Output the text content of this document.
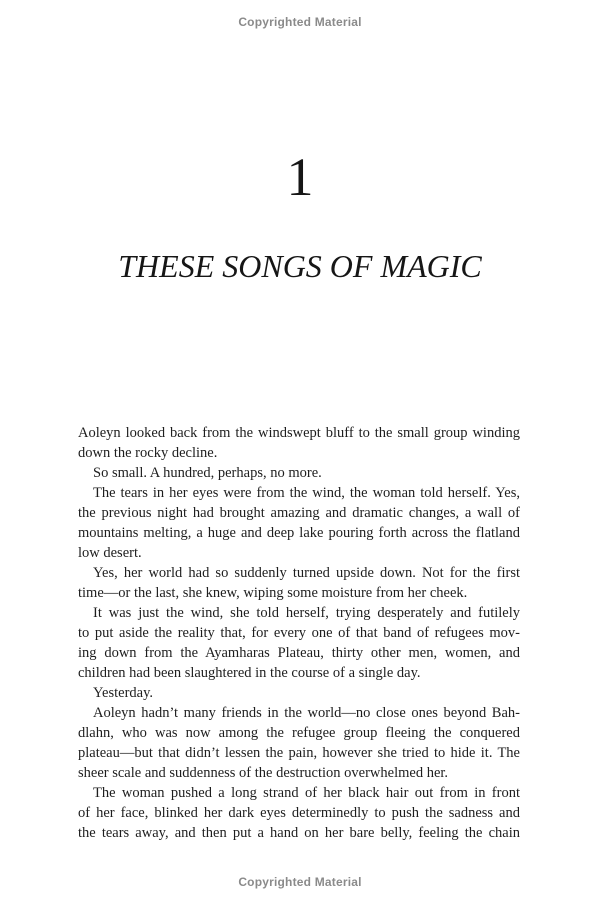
Copyrighted Material
1
THESE SONGS OF MAGIC

Aoleyn looked back from the windswept bluff to the small group winding
down the rocky decline.

So small. A hundred, perhaps, no more.

The tears in her eyes were from the wind, the woman told herself. Yes,
the previous night had brought amazing and dramatic changes, a wall of
mountains melting, a huge and deep lake pouring forth across the flatland
low desert.

Yes, her world had so suddenly turned upside down. Not for the first
time—or the last, she knew, wiping some moisture from her cheek.

It was just the wind, she told herself, trying desperately and futilely
to put aside the reality that, for every one of that band of refugees mov-
ing down from the Ayamharas Plateau, thirty other men, women, and
children had been slaughtered in the course of a single day.

Yesterday.

Aoleyn hadn’t many friends in the world—no close ones beyond Bah-
dlahn, who was now among the refugee group fleeing the conquered
plateau—but that didn’t lessen the pain, however she tried to hide it. The
sheer scale and suddenness of the destruction overwhelmed her.

The woman pushed a long strand of her black hair out from in front
of her face, blinked her dark eyes determinedly to push the sadness and
the tears away, and then put a hand on her bare belly, feeling the chain

Copyrighted Material
